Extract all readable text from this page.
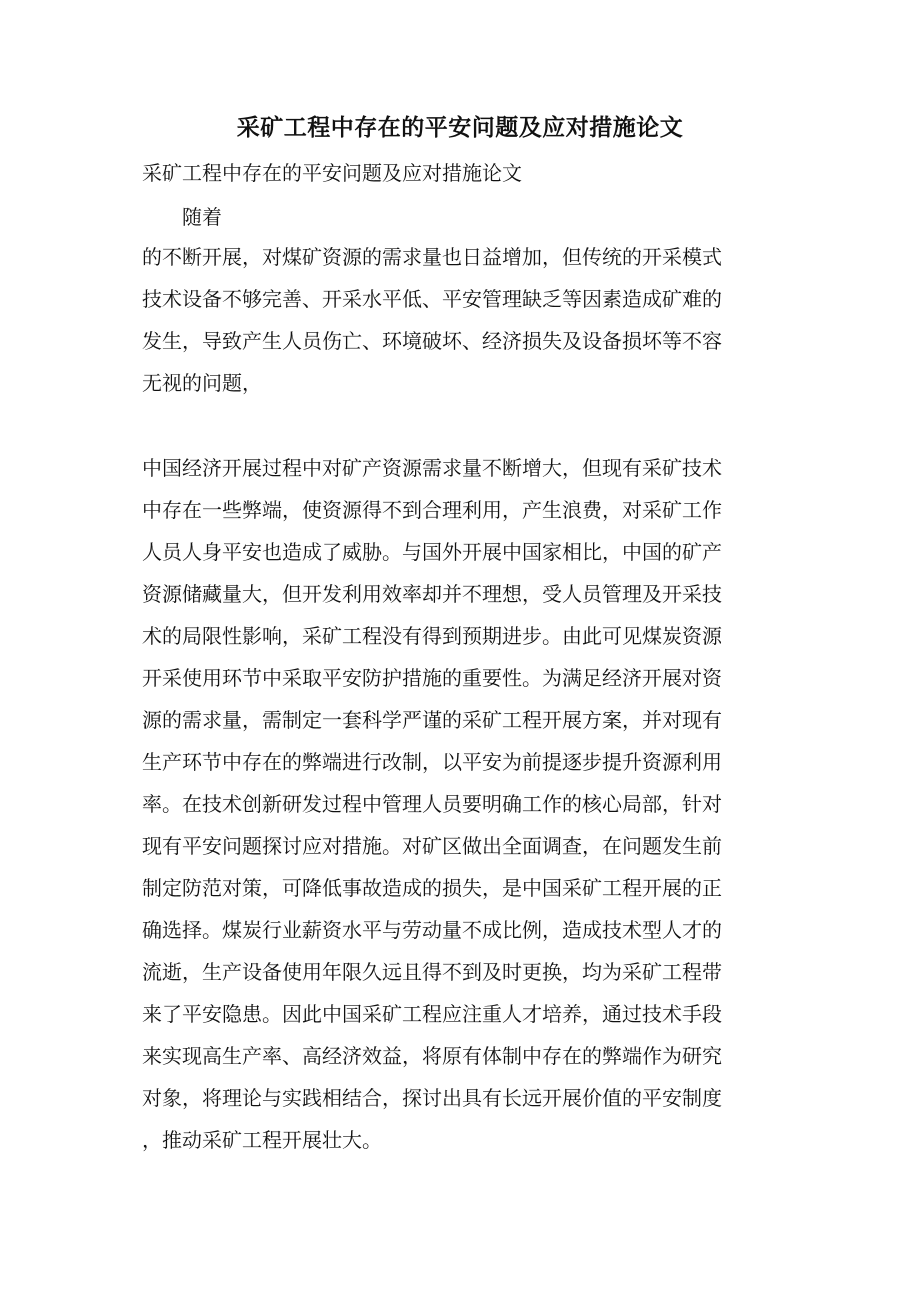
采矿工程中存在的平安问题及应对措施论文
采矿工程中存在的平安问题及应对措施论文
随着
的不断开展，对煤矿资源的需求量也日益增加，但传统的开采模式
技术设备不够完善、开采水平低、平安管理缺乏等因素造成矿难的
发生，导致产生人员伤亡、环境破坏、经济损失及设备损坏等不容
无视的问题，
中国经济开展过程中对矿产资源需求量不断增大，但现有采矿技术
中存在一些弊端，使资源得不到合理利用，产生浪费，对采矿工作
人员人身平安也造成了威胁。与国外开展中国家相比，中国的矿产
资源储藏量大，但开发利用效率却并不理想，受人员管理及开采技
术的局限性影响，采矿工程没有得到预期进步。由此可见煤炭资源
开采使用环节中采取平安防护措施的重要性。为满足经济开展对资
源的需求量，需制定一套科学严谨的采矿工程开展方案，并对现有
生产环节中存在的弊端进行改制，以平安为前提逐步提升资源利用
率。在技术创新研发过程中管理人员要明确工作的核心局部，针对
现有平安问题探讨应对措施。对矿区做出全面调查，在问题发生前
制定防范对策，可降低事故造成的损失，是中国采矿工程开展的正
确选择。煤炭行业薪资水平与劳动量不成比例，造成技术型人才的
流逝，生产设备使用年限久远且得不到及时更换，均为采矿工程带
来了平安隐患。因此中国采矿工程应注重人才培养，通过技术手段
来实现高生产率、高经济效益，将原有体制中存在的弊端作为研究
对象，将理论与实践相结合，探讨出具有长远开展价值的平安制度
，推动采矿工程开展壮大。
